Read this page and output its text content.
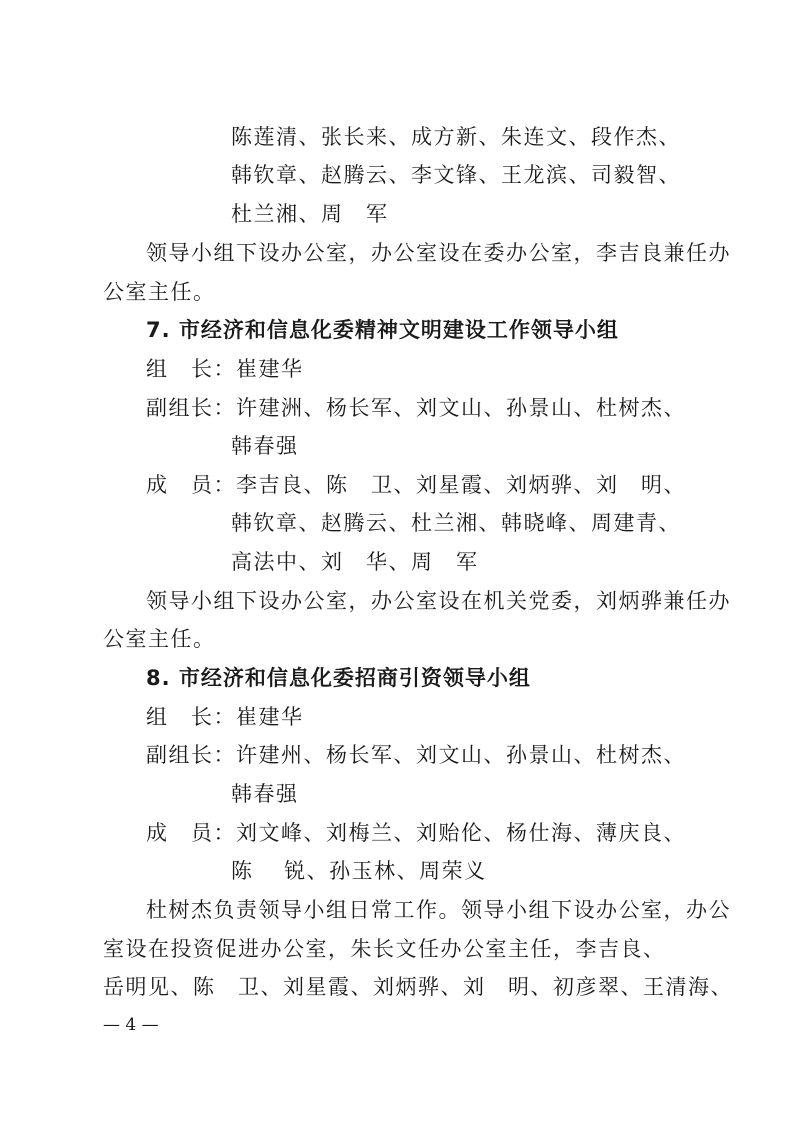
陈莲清、张长来、成方新、朱连文、段作杰、
韩钦章、赵腾云、李文锋、王龙滨、司毅智、
杜兰湘、周　军
领导小组下设办公室，办公室设在委办公室，李吉良兼任办
公室主任。
7. 市经济和信息化委精神文明建设工作领导小组
组　长：崔建华
副组长：许建洲、杨长军、刘文山、孙景山、杜树杰、
韩春强
成　员：李吉良、陈　卫、刘星霞、刘炳骅、刘　明、
韩钦章、赵腾云、杜兰湘、韩晓峰、周建青、
高法中、刘　华、周　军
领导小组下设办公室，办公室设在机关党委，刘炳骅兼任办
公室主任。
8. 市经济和信息化委招商引资领导小组
组　长：崔建华
副组长：许建州、杨长军、刘文山、孙景山、杜树杰、
韩春强
成　员：刘文峰、刘梅兰、刘贻伦、杨仕海、薄庆良、
陈　 锐、孙玉林、周荣义
杜树杰负责领导小组日常工作。领导小组下设办公室，办公
室设在投资促进办公室，朱长文任办公室主任，李吉良、
岳明见、陈　卫、刘星霞、刘炳骅、刘　明、初彦翠、王清海、
— 4 —
